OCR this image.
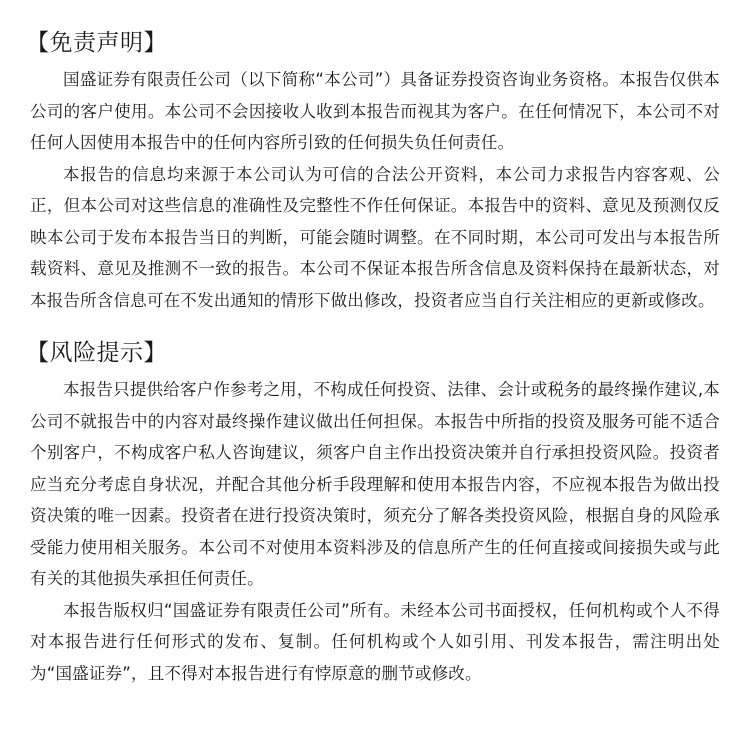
【免责声明】

国盛证券有限责任公司（以下简称“本公司”）具备证券投资咨询业务资格。本报告仅供本公司的客户使用。本公司不会因接收人收到本报告而视其为客户。在任何情况下，本公司不对任何人因使用本报告中的任何内容所引致的任何损失负任何责任。

本报告的信息均来源于本公司认为可信的合法公开资料，本公司力求报告内容客观、公正，但本公司对这些信息的准确性及完整性不作任何保证。本报告中的资料、意见及预测仅反映本公司于发布本报告当日的判断，可能会随时调整。在不同时期，本公司可发出与本报告所载资料、意见及推测不一致的报告。本公司不保证本报告所含信息及资料保持在最新状态，对本报告所含信息可在不发出通知的情形下做出修改，投资者应当自行关注相应的更新或修改。

【风险提示】

本报告只提供给客户作参考之用，不构成任何投资、法律、会计或税务的最终操作建议,本公司不就报告中的内容对最终操作建议做出任何担保。本报告中所指的投资及服务可能不适合个别客户，不构成客户私人咨询建议，须客户自主作出投资决策并自行承担投资风险。投资者应当充分考虑自身状况，并配合其他分析手段理解和使用本报告内容，不应视本报告为做出投资决策的唯一因素。投资者在进行投资决策时，须充分了解各类投资风险，根据自身的风险承受能力使用相关服务。本公司不对使用本资料涉及的信息所产生的任何直接或间接损失或与此有关的其他损失承担任何责任。

本报告版权归“国盛证券有限责任公司”所有。未经本公司书面授权，任何机构或个人不得对本报告进行任何形式的发布、复制。任何机构或个人如引用、刊发本报告，需注明出处为“国盛证券”，且不得对本报告进行有悖原意的删节或修改。
